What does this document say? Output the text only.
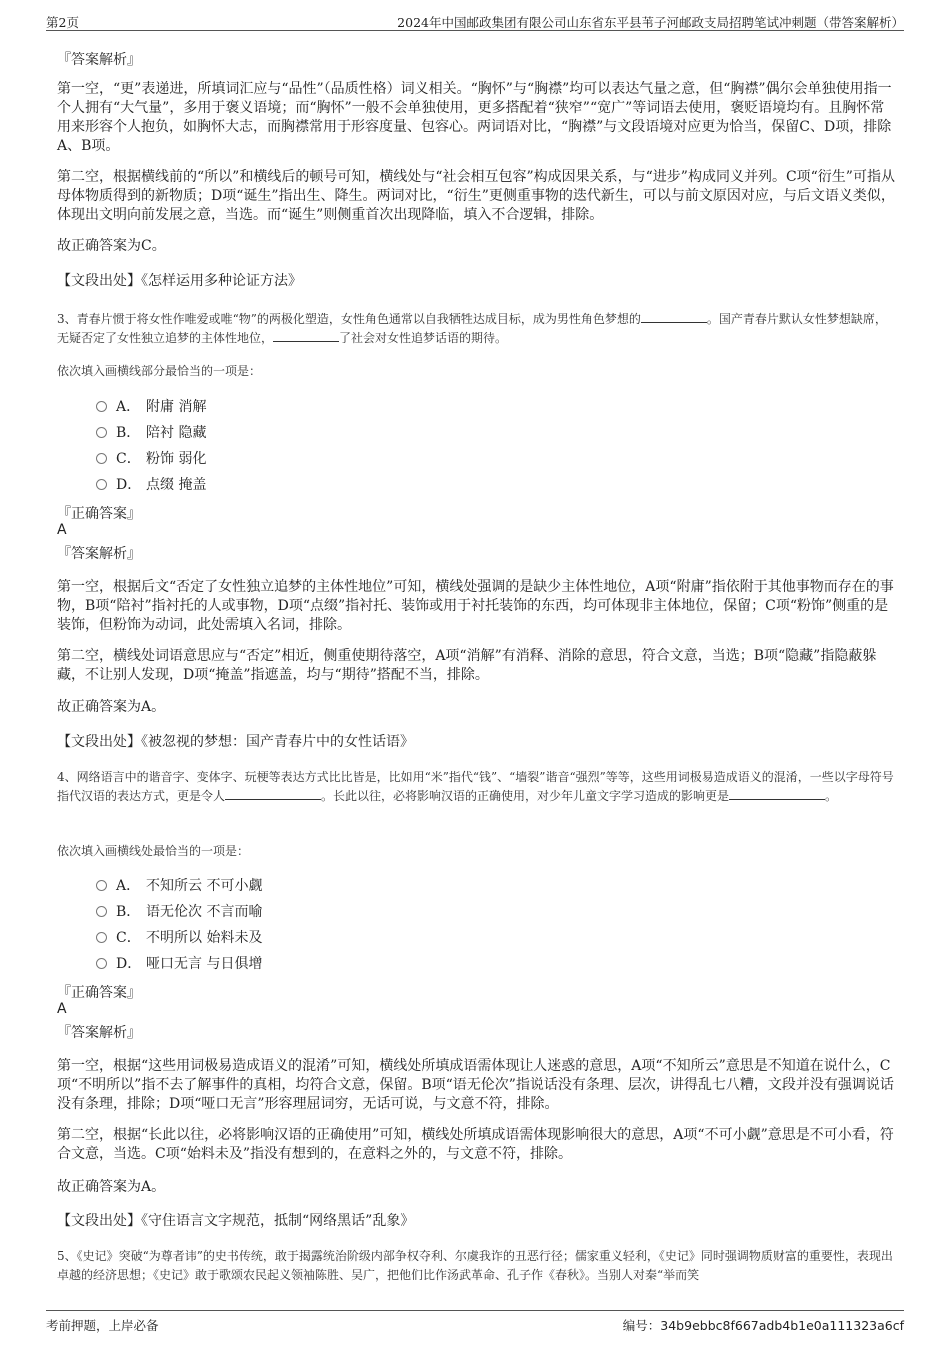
第2页	2024年中国邮政集团有限公司山东省东平县苇子河邮政支局招聘笔试冲刺题（带答案解析）
『答案解析』
第一空，“更”表递进，所填词汇应与“品性”（品质性格）词义相关。“胸怀”与“胸襟”均可以表达气量之意，但“胸襟”偶尔会单独使用指一个人拥有“大气量”，多用于褒义语境；而“胸怀”一般不会单独使用，更多搭配着“狭窄”“宽广”等词语去使用，褒贬语境均有。且胸怀常用来形容个人抱负，如胸怀大志，而胸襟常用于形容度量、包容心。两词语对比，“胸襟”与文段语境对应更为恰当，保留C、D项，排除A、B项。
第二空，根据横线前的“所以”和横线后的顿号可知，横线处与“社会相互包容”构成因果关系，与“进步”构成同义并列。C项“衍生”可指从母体物质得到的新物质；D项“诞生”指出生、降生。两词对比，“衍生”更侧重事物的迭代新生，可以与前文原因对应，与后文语义类似，体现出文明向前发展之意，当选。而“诞生”则侧重首次出现降临，填入不合逻辑，排除。
故正确答案为C。
【文段出处】《怎样运用多种论证方法》
3、青春片惯于将女性作唯爱或唯“物”的两极化塑造，女性角色通常以自我牺牲达成目标，成为男性角色梦想的	。国产青春片默认女性梦想缺席，无疑否定了女性独立追梦的主体性地位，	了社会对女性追梦话语的期待。
依次填入画横线部分最恰当的一项是：
A． 附庸 消解
B． 陪衬 隐藏
C． 粉饰 弱化
D． 点缀 掩盖
『正确答案』
A
『答案解析』
第一空，根据后文“否定了女性独立追梦的主体性地位”可知，横线处强调的是缺少主体性地位，A项“附庸”指依附于其他事物而存在的事物，B项“陪衬”指衬托的人或事物，D项“点缀”指衬托、装饰或用于衬托装饰的东西，均可体现非主体地位，保留；C项“粉饰”侧重的是装饰，但粉饰为动词，此处需填入名词，排除。
第二空，横线处词语意思应与“否定”相近，侧重使期待落空，A项“消解”有消释、消除的意思，符合文意，当选；B项“隐藏”指隐蔽躲藏，不让别人发现，D项“掩盖”指遮盖，均与“期待”搭配不当，排除。
故正确答案为A。
【文段出处】《被忽视的梦想：国产青春片中的女性话语》
4、网络语言中的谐音字、变体字、玩梗等表达方式比比皆是，比如用“米”指代“钱”、“墙裂”谐音“强烈”等等，这些用词极易造成语义的混淆，一些以字母符号指代汉语的表达方式，更是令人	。长此以往，必将影响汉语的正确使用，对少年儿童文字学习造成的影响更是	。
依次填入画横线处最恰当的一项是：
A． 不知所云 不可小觑
B． 语无伦次 不言而喻
C． 不明所以 始料未及
D． 哑口无言 与日俱增
『正确答案』
A
『答案解析』
第一空，根据“这些用词极易造成语义的混淆”可知，横线处所填成语需体现让人迷惑的意思，A项“不知所云”意思是不知道在说什么，C项“不明所以”指不去了解事件的真相，均符合文意，保留。B项“语无伦次”指说话没有条理、层次，讲得乱七八糟，文段并没有强调说话没有条理，排除；D项“哑口无言”形容理屈词穷，无话可说，与文意不符，排除。
第二空，根据“长此以往，必将影响汉语的正确使用”可知，横线处所填成语需体现影响很大的意思，A项“不可小觑”意思是不可小看，符合文意，当选。C项“始料未及”指没有想到的，在意料之外的，与文意不符，排除。
故正确答案为A。
【文段出处】《守住语言文字规范，抵制“网络黑话”乱象》
5、《史记》突破“为尊者讳”的史书传统，敢于揭露统治阶级内部争权夺利、尔虞我诈的丑恶行径；儒家重义轻利，《史记》同时强调物质财富的重要性，表现出卓越的经济思想；《史记》敢于歌颂农民起义领袖陈胜、吴广，把他们比作汤武革命、孔子作《春秋》。当别人对秦“举而笑
考前押题，上岸必备	编号：34b9ebbc8f667adb4b1e0a111323a6cf
